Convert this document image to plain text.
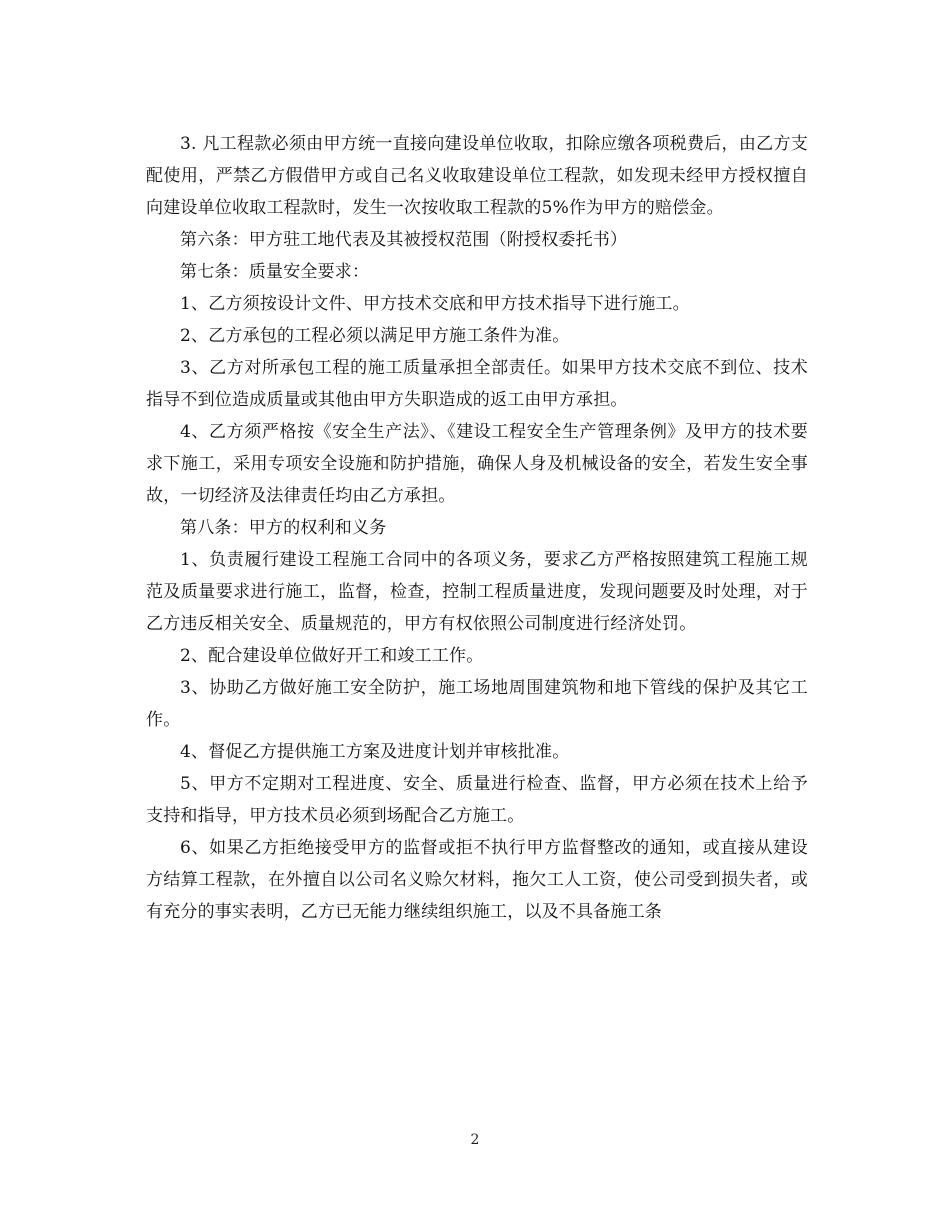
3. 凡工程款必须由甲方统一直接向建设单位收取，扣除应缴各项税费后，由乙方支配使用，严禁乙方假借甲方或自己名义收取建设单位工程款，如发现未经甲方授权擅自向建设单位收取工程款时，发生一次按收取工程款的5%作为甲方的赔偿金。

第六条：甲方驻工地代表及其被授权范围（附授权委托书）

第七条：质量安全要求：

1、乙方须按设计文件、甲方技术交底和甲方技术指导下进行施工。

2、乙方承包的工程必须以满足甲方施工条件为准。

3、乙方对所承包工程的施工质量承担全部责任。如果甲方技术交底不到位、技术指导不到位造成质量或其他由甲方失职造成的返工由甲方承担。

4、乙方须严格按《安全生产法》、《建设工程安全生产管理条例》及甲方的技术要求下施工，采用专项安全设施和防护措施，确保人身及机械设备的安全，若发生安全事故，一切经济及法律责任均由乙方承担。

第八条：甲方的权利和义务

1、负责履行建设工程施工合同中的各项义务，要求乙方严格按照建筑工程施工规范及质量要求进行施工，监督，检查，控制工程质量进度，发现问题要及时处理，对于乙方违反相关安全、质量规范的，甲方有权依照公司制度进行经济处罚。

2、配合建设单位做好开工和竣工工作。

3、协助乙方做好施工安全防护，施工场地周围建筑物和地下管线的保护及其它工作。

4、督促乙方提供施工方案及进度计划并审核批准。

5、甲方不定期对工程进度、安全、质量进行检查、监督，甲方必须在技术上给予支持和指导，甲方技术员必须到场配合乙方施工。

6、如果乙方拒绝接受甲方的监督或拒不执行甲方监督整改的通知，或直接从建设方结算工程款，在外擅自以公司名义赊欠材料，拖欠工人工资，使公司受到损失者，或有充分的事实表明，乙方已无能力继续组织施工，以及不具备施工条

2
